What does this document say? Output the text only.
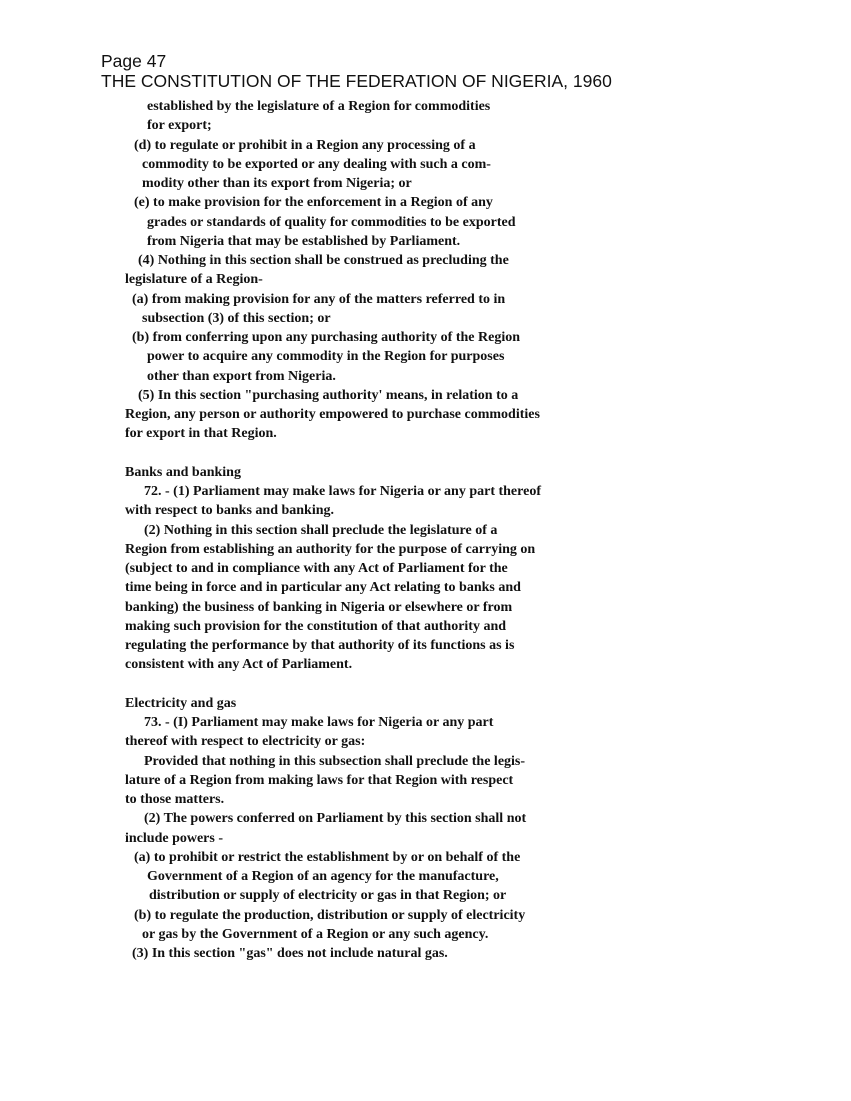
Page 47
THE CONSTITUTION OF THE FEDERATION OF NIGERIA, 1960
established by the legislature of a Region for commodities
for export;
(d) to regulate or prohibit in a Region any processing of a
commodity to be exported or any dealing with such a com-
modity other than its export from Nigeria; or
(e) to make provision for the enforcement in a Region of any
grades or standards of quality for commodities to be exported
from Nigeria that may be established by Parliament.
(4) Nothing in this section shall be construed as precluding the
legislature of a Region-
(a) from making provision for any of the matters referred to in
subsection (3) of this section; or
(b) from conferring upon any purchasing authority of the Region
power to acquire any commodity in the Region for purposes
other than export from Nigeria.
(5) In this section "purchasing authority' means, in relation to a
Region, any person or authority empowered to purchase commodities
for export in that Region.
Banks and banking
72. - (1) Parliament may make laws for Nigeria or any part thereof
with respect to banks and banking.
(2) Nothing in this section shall preclude the legislature of a
Region from establishing an authority for the purpose of carrying on
(subject to and in compliance with any Act of Parliament for the
time being in force and in particular any Act relating to banks and
banking) the business of banking in Nigeria or elsewhere or from
making such provision for the constitution of that authority and
regulating the performance by that authority of its functions as is
consistent with any Act of Parliament.
Electricity and gas
73. - (I) Parliament may make laws for Nigeria or any part
thereof with respect to electricity or gas:
Provided that nothing in this subsection shall preclude the legis-
lature of a Region from making laws for that Region with respect
to those matters.
(2) The powers conferred on Parliament by this section shall not
include powers -
(a) to prohibit or restrict the establishment by or on behalf of the
Government of a Region of an agency for the manufacture,
distribution or supply of electricity or gas in that Region; or
(b) to regulate the production, distribution or supply of electricity
or gas by the Government of a Region or any such agency.
(3) In this section "gas" does not include natural gas.
